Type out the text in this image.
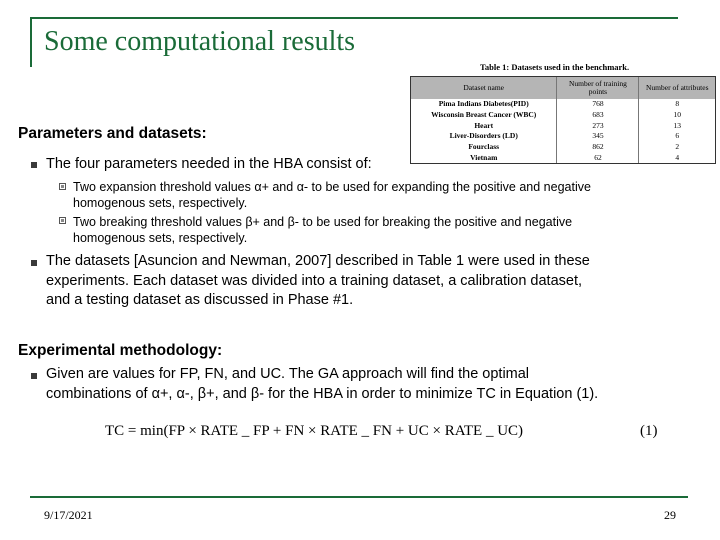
Some computational results
Table 1: Datasets used in the benchmark.
Dataset name	Number of training points	Number of attributes
Pima Indians Diabetes(PID)	768	8
Wisconsin Breast Cancer (WBC)	683	10
Heart	273	13
Liver-Disorders (LD)	345	6
Fourclass	862	2
Vietnam	62	4
Parameters and datasets:
The four parameters needed in the HBA consist of:
Two expansion threshold values α+ and α- to be used for expanding the positive and negative
homogenous sets, respectively.
Two breaking threshold values β+ and β- to be used for breaking the positive and negative
homogenous sets, respectively.
The datasets [Asuncion and Newman, 2007] described in Table 1 were used in these
experiments. Each dataset was divided into a training dataset, a calibration dataset,
and a testing dataset as discussed in Phase #1.
Experimental methodology:
Given are values for FP, FN, and UC. The GA approach will find the optimal
combinations of α+, α-, β+, and β- for the HBA in order to minimize TC in Equation (1).
TC = min(FP × RATE _ FP + FN × RATE _ FN + UC × RATE _ UC)	(1)
9/17/2021	29
